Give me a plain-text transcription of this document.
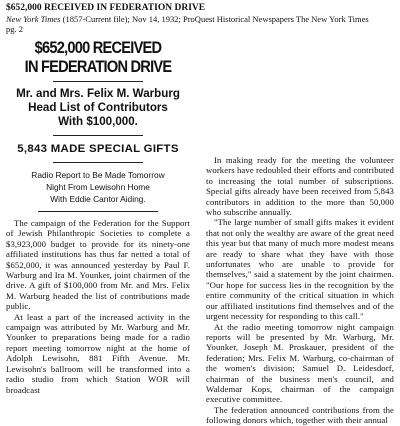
$652,000 RECEIVED IN FEDERATION DRIVE

New York Times (1857-Current file); Nov 14, 1932; ProQuest Historical Newspapers The New York Times

pg. 2

$652,000 RECEIVED

IN FEDERATION DRIVE

Mr. and Mrs. Felix M. Warburg

Head List of Contributors

With $100,000.

5,843 MADE SPECIAL GIFTS

Radio Report to Be Made Tomorrow

Night From Lewisohn Home

With Eddie Cantor Aiding.

The campaign of the Federation for the Support of Jewish Philanthropic Societies to complete a $3,923,000 budget to provide for its ninety-one affiliated institutions has thus far netted a total of $652,000, it was announced yesterday by Paul F. Warburg and Ira M. Younker, joint chairmen of the drive. A gift of $100,000 from Mr. and Mrs. Felix M. Warburg headed the list of contributions made public.

At least a part of the increased activity in the campaign was attributed by Mr. Warburg and Mr. Younker to preparations being made for a radio report meeting tomorrow night at the home of Adolph Lewisohn, 881 Fifth Avenue. Mr. Lewisohn's ballroom will be transformed into a radio studio from which Station WOR will broadcast

In making ready for the meeting the volunteer workers have redoubled their efforts and contributed to increasing the total number of subscriptions. Special gifts already have been received from 5,843 contributors in addition to the more than 50,000 who subscribe annually.

"The large number of small gifts makes it evident that not only the wealthy are aware of the great need this year but that many of much more modest means are ready to share what they have with those unfortunates who are unable to provide for themselves," said a statement by the joint chairmen. "Our hope for success lies in the recognition by the entire community of the critical situation in which our affiliated institutions find themselves and of the urgent necessity for responding to this call."

At the radio meeting tomorrow night campaign reports will be presented by Mr. Warburg, Mr. Younker, Joseph M. Proskauer, president of the federation; Mrs. Felix M. Warburg, co-chairman of the women's division; Samuel D. Leidesdorf, chairman of the business men's council, and Waldemar Kops, chairman of the campaign executive committee.

The federation announced contributions from the following donors which, together with their annual
